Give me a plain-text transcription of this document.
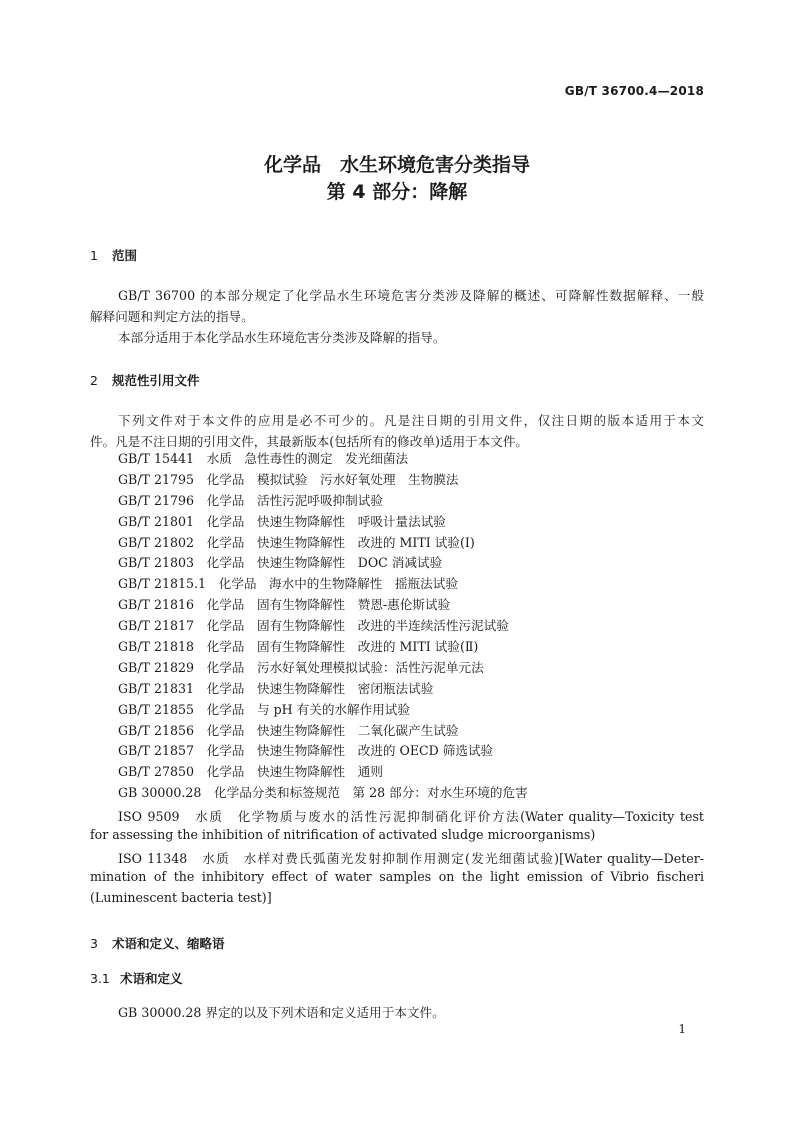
GB/T 36700.4—2018
化学品　水生环境危害分类指导
第 4 部分：降解
1 范围
GB/T 36700 的本部分规定了化学品水生环境危害分类涉及降解的概述、可降解性数据解释、一般
解释问题和判定方法的指导。
本部分适用于本化学品水生环境危害分类涉及降解的指导。
2 规范性引用文件
下列文件对于本文件的应用是必不可少的。凡是注日期的引用文件，仅注日期的版本适用于本文
件。凡是不注日期的引用文件，其最新版本(包括所有的修改单)适用于本文件。
GB/T 15441　水质　急性毒性的测定　发光细菌法
GB/T 21795　化学品　模拟试验　污水好氧处理　生物膜法
GB/T 21796　化学品　活性污泥呼吸抑制试验
GB/T 21801　化学品　快速生物降解性　呼吸计量法试验
GB/T 21802　化学品　快速生物降解性　改进的 MITI 试验(Ⅰ)
GB/T 21803　化学品　快速生物降解性　DOC 消减试验
GB/T 21815.1　化学品　海水中的生物降解性　摇瓶法试验
GB/T 21816　化学品　固有生物降解性　赞恩-惠伦斯试验
GB/T 21817　化学品　固有生物降解性　改进的半连续活性污泥试验
GB/T 21818　化学品　固有生物降解性　改进的 MITI 试验(Ⅱ)
GB/T 21829　化学品　污水好氧处理模拟试验：活性污泥单元法
GB/T 21831　化学品　快速生物降解性　密闭瓶法试验
GB/T 21855　化学品　与 pH 有关的水解作用试验
GB/T 21856　化学品　快速生物降解性　二氧化碳产生试验
GB/T 21857　化学品　快速生物降解性　改进的 OECD 筛选试验
GB/T 27850　化学品　快速生物降解性　通则
GB 30000.28　化学品分类和标签规范　第 28 部分：对水生环境的危害
ISO 9509　水质　化学物质与废水的活性污泥抑制硝化评价方法(Water quality—Toxicity test
for assessing the inhibition of nitrification of activated sludge microorganisms)
ISO 11348　水质　水样对费氏弧菌光发射抑制作用测定(发光细菌试验)[Water quality—Deter-
mination of the inhibitory effect of water samples on the light emission of Vibrio fischeri
(Luminescent bacteria test)]
3 术语和定义、缩略语
3.1 术语和定义
GB 30000.28 界定的以及下列术语和定义适用于本文件。
1
